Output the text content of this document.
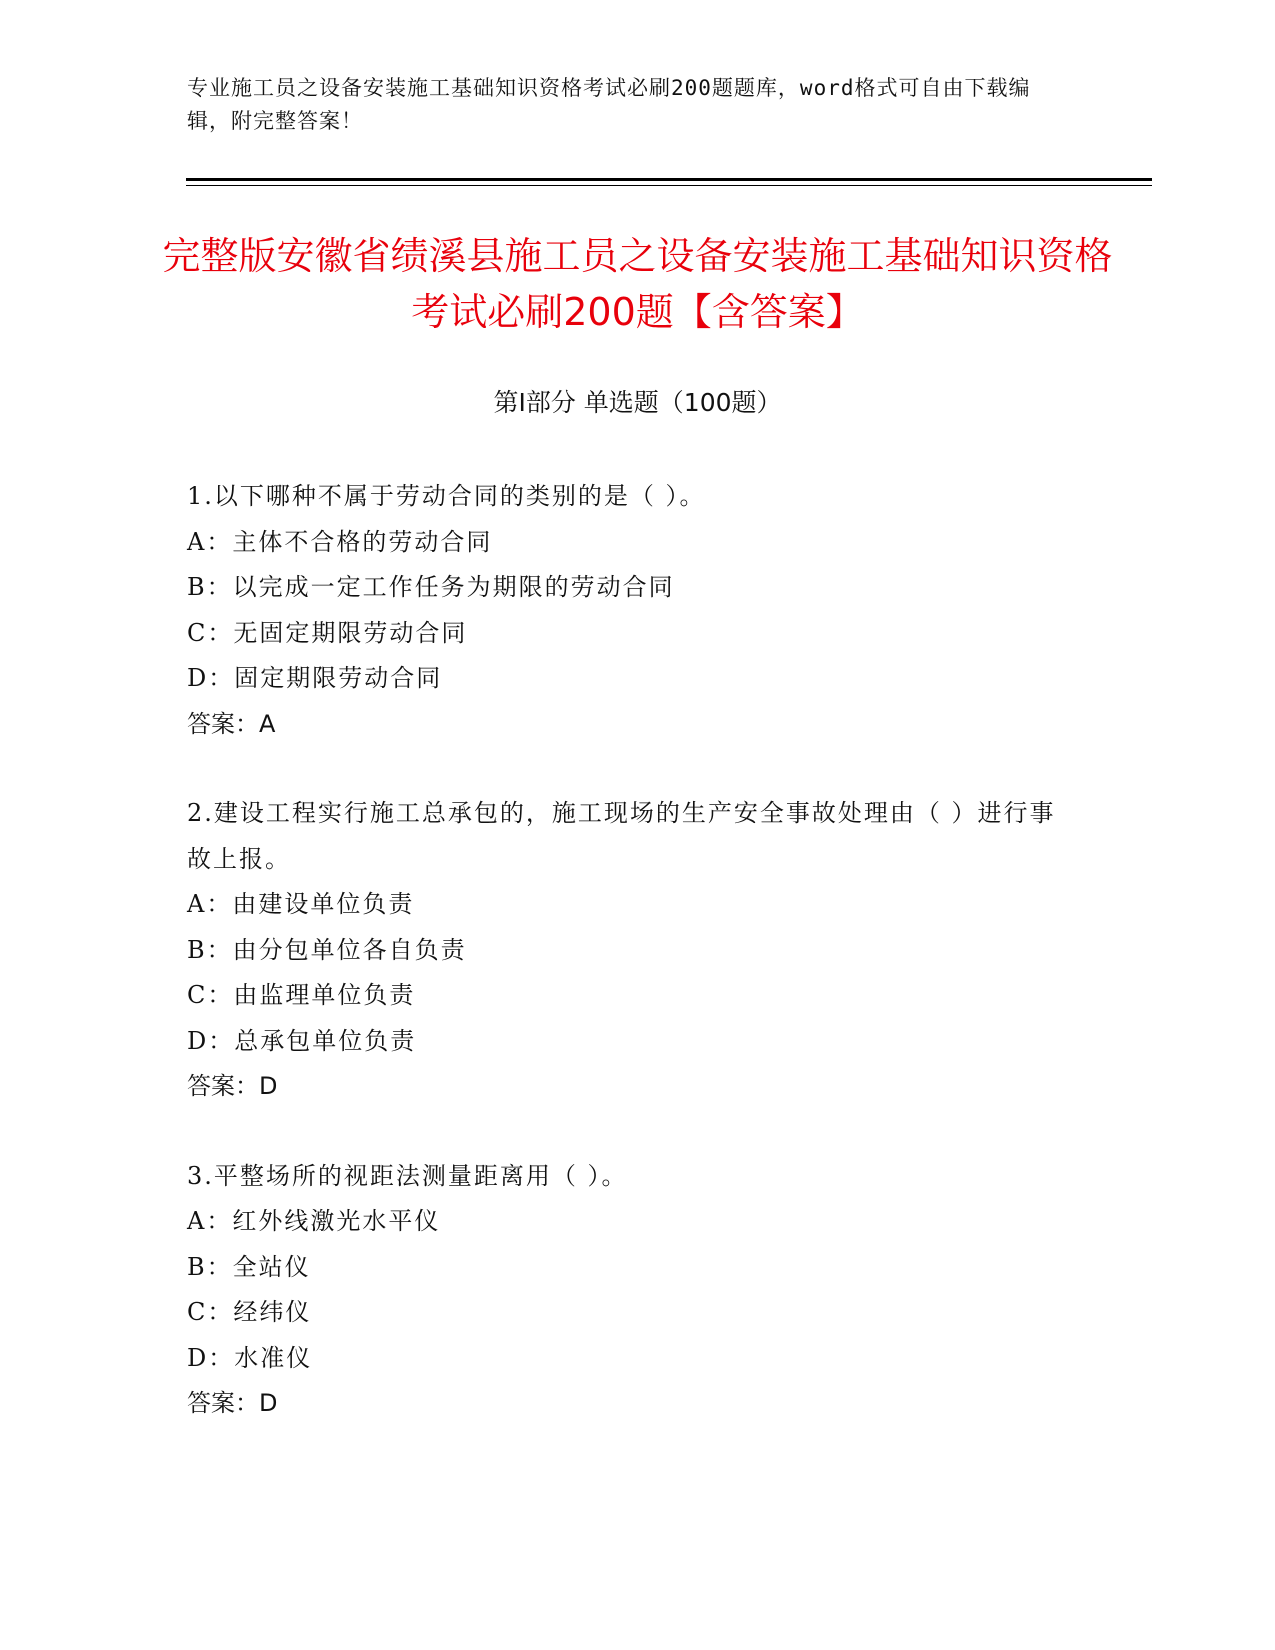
专业施工员之设备安装施工基础知识资格考试必刷200题题库，word格式可自由下载编辑，附完整答案！
完整版安徽省绩溪县施工员之设备安装施工基础知识资格考试必刷200题【含答案】
第I部分 单选题（100题）
1.以下哪种不属于劳动合同的类别的是（ ）。
A：主体不合格的劳动合同
B：以完成一定工作任务为期限的劳动合同
C：无固定期限劳动合同
D：固定期限劳动合同
答案：A
2.建设工程实行施工总承包的，施工现场的生产安全事故处理由（ ）进行事故上报。
A：由建设单位负责
B：由分包单位各自负责
C：由监理单位负责
D：总承包单位负责
答案：D
3.平整场所的视距法测量距离用（ ）。
A：红外线激光水平仪
B：全站仪
C：经纬仪
D：水准仪
答案：D
